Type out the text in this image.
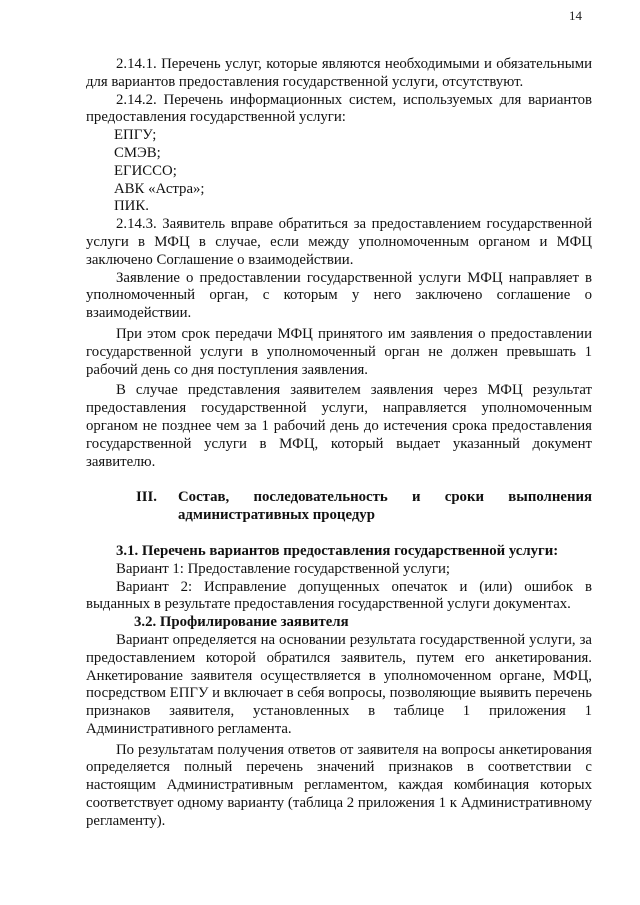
14

2.14.1. Перечень услуг, которые являются необходимыми и обязательными для вариантов предоставления государственной услуги, отсутствуют.

2.14.2. Перечень информационных систем, используемых для вариантов предоставления государственной услуги:

ЕПГУ;
СМЭВ;
ЕГИССО;
АВК «Астра»;
ПИК.

2.14.3. Заявитель вправе обратиться за предоставлением государственной услуги в МФЦ в случае, если между уполномоченным органом и МФЦ заключено Соглашение о взаимодействии.

Заявление о предоставлении государственной услуги МФЦ направляет в уполномоченный орган, с которым у него заключено соглашение о взаимодействии.

При этом срок передачи МФЦ принятого им заявления о предоставлении государственной услуги в уполномоченный орган не должен превышать 1 рабочий день со дня поступления заявления.

В случае представления заявителем заявления через МФЦ результат предоставления государственной услуги, направляется уполномоченным органом не позднее чем за 1 рабочий день до истечения срока предоставления государственной услуги в МФЦ, который выдает указанный документ заявителю.

III.	Состав, последовательность и сроки выполнения административных процедур

3.1. Перечень вариантов предоставления государственной услуги:

Вариант 1: Предоставление государственной услуги;

Вариант 2: Исправление допущенных опечаток и (или) ошибок в выданных в результате предоставления государственной услуги документах.

3.2. Профилирование заявителя

Вариант определяется на основании результата государственной услуги, за предоставлением которой обратился заявитель, путем его анкетирования. Анкетирование заявителя осуществляется в уполномоченном органе, МФЦ, посредством ЕПГУ и включает в себя вопросы, позволяющие выявить перечень признаков заявителя, установленных в таблице 1 приложения 1 Административного регламента.

По результатам получения ответов от заявителя на вопросы анкетирования определяется полный перечень значений признаков в соответствии с настоящим Административным регламентом, каждая комбинация которых соответствует одному варианту (таблица 2 приложения 1 к Административному регламенту).
